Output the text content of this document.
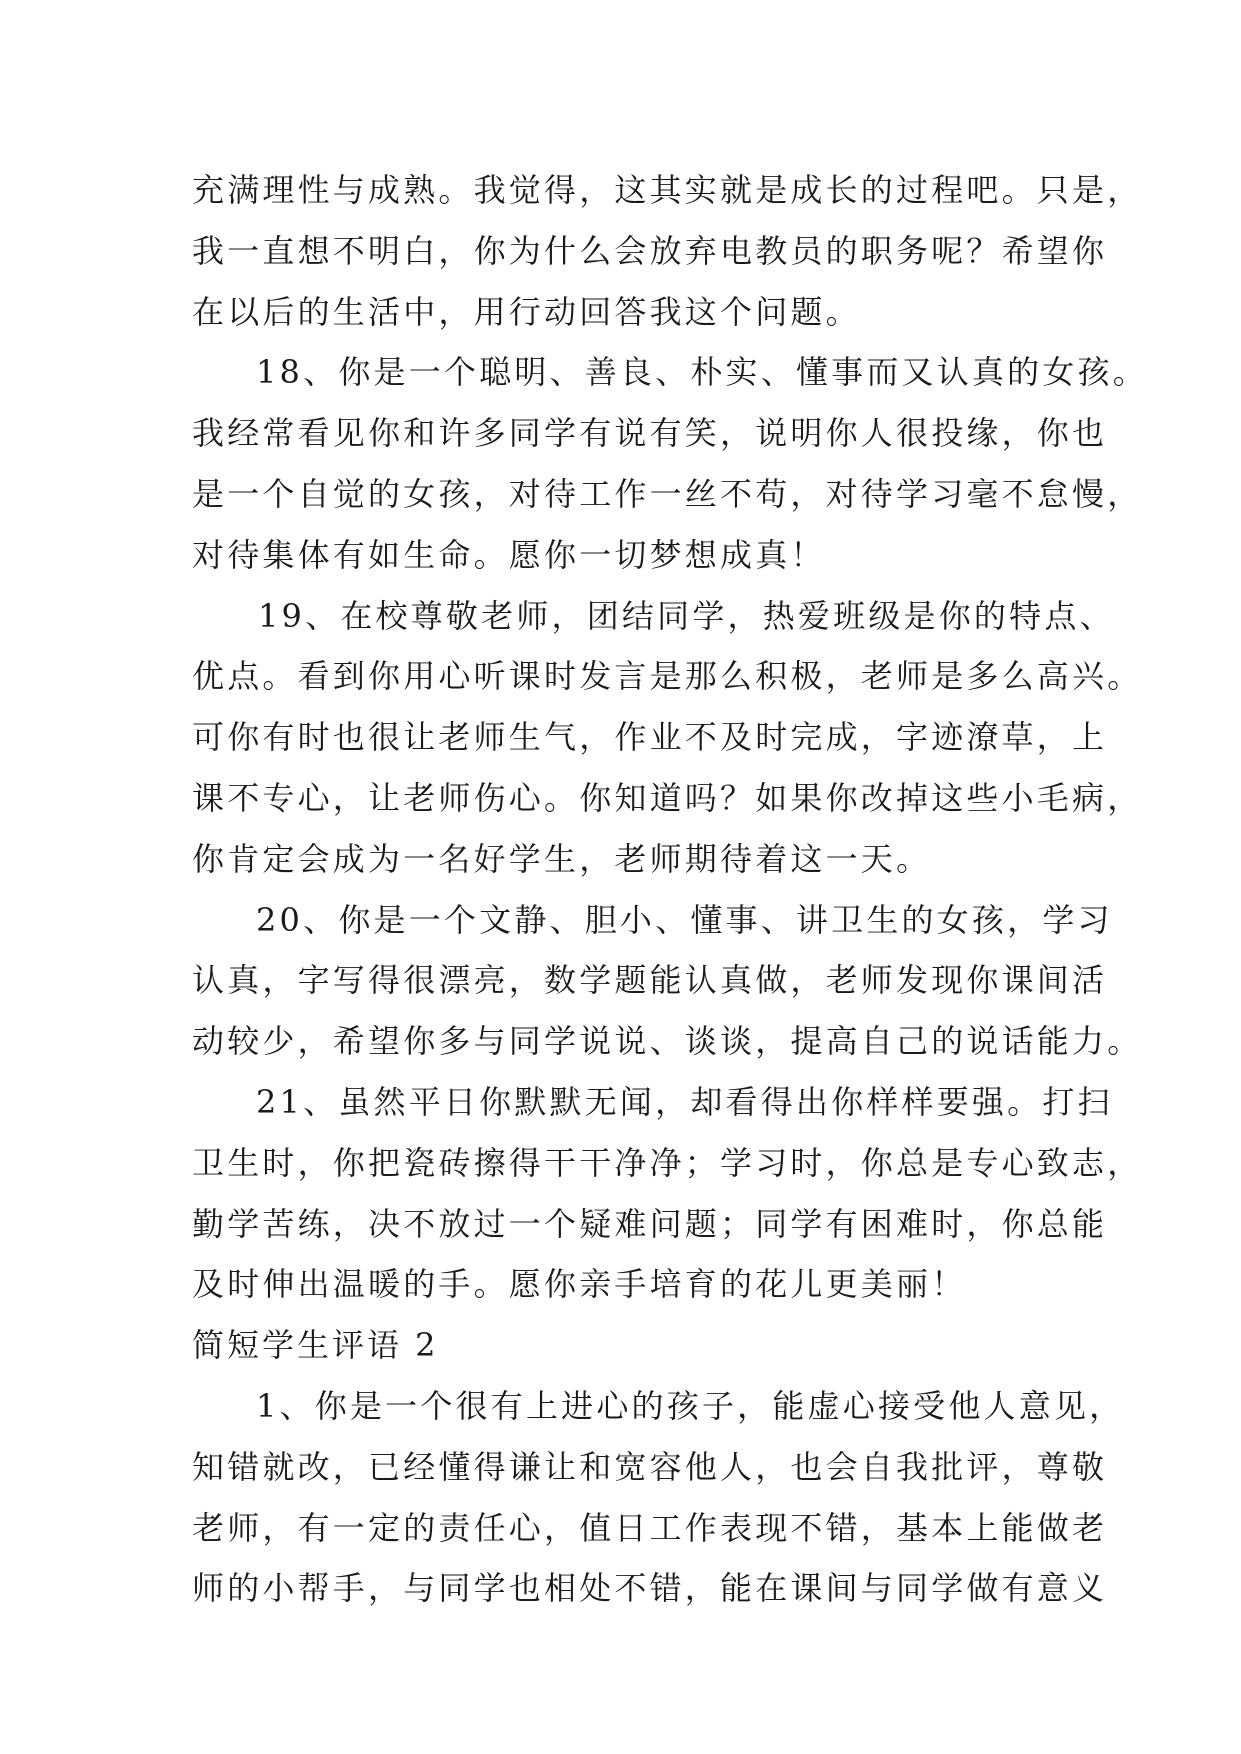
充满理性与成熟。我觉得，这其实就是成长的过程吧。只是，
我一直想不明白，你为什么会放弃电教员的职务呢？希望你
在以后的生活中，用行动回答我这个问题。
18、你是一个聪明、善良、朴实、懂事而又认真的女孩。
我经常看见你和许多同学有说有笑，说明你人很投缘，你也
是一个自觉的女孩，对待工作一丝不苟，对待学习毫不怠慢，
对待集体有如生命。愿你一切梦想成真！
19、在校尊敬老师，团结同学，热爱班级是你的特点、
优点。看到你用心听课时发言是那么积极，老师是多么高兴。
可你有时也很让老师生气，作业不及时完成，字迹潦草，上
课不专心，让老师伤心。你知道吗？如果你改掉这些小毛病，
你肯定会成为一名好学生，老师期待着这一天。
20、你是一个文静、胆小、懂事、讲卫生的女孩，学习
认真，字写得很漂亮，数学题能认真做，老师发现你课间活
动较少，希望你多与同学说说、谈谈，提高自己的说话能力。
21、虽然平日你默默无闻，却看得出你样样要强。打扫
卫生时，你把瓷砖擦得干干净净；学习时，你总是专心致志，
勤学苦练，决不放过一个疑难问题；同学有困难时，你总能
及时伸出温暖的手。愿你亲手培育的花儿更美丽！
简短学生评语 2
1、你是一个很有上进心的孩子，能虚心接受他人意见，
知错就改，已经懂得谦让和宽容他人，也会自我批评，尊敬
老师，有一定的责任心，值日工作表现不错，基本上能做老
师的小帮手，与同学也相处不错，能在课间与同学做有意义
